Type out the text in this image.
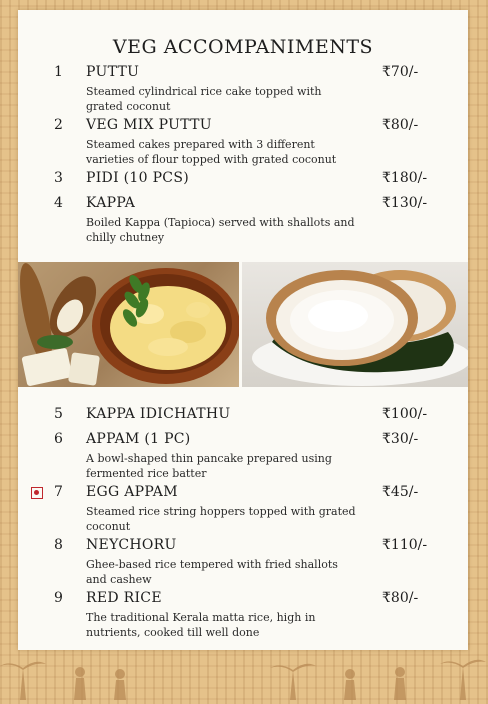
VEG ACCOMPANIMENTS
1 PUTTU	₹70/-
Steamed cylindrical rice cake topped with grated coconut
2 VEG MIX PUTTU	₹80/-
Steamed cakes prepared with 3 different varieties of flour topped with grated coconut
3 PIDI (10 PCS)	₹180/-
4 KAPPA	₹130/-
Boiled Kappa (Tapioca) served with shallots and chilly chutney
5 KAPPA IDICHATHU	₹100/-
6 APPAM (1 PC)	₹30/-
A bowl-shaped thin pancake prepared using fermented rice batter
7 EGG APPAM	₹45/-
Steamed rice string hoppers topped with grated coconut
8 NEYCHORU	₹110/-
Ghee-based rice tempered with fried shallots and cashew
9 RED RICE	₹80/-
The traditional Kerala matta rice, high in nutrients, cooked till well done
